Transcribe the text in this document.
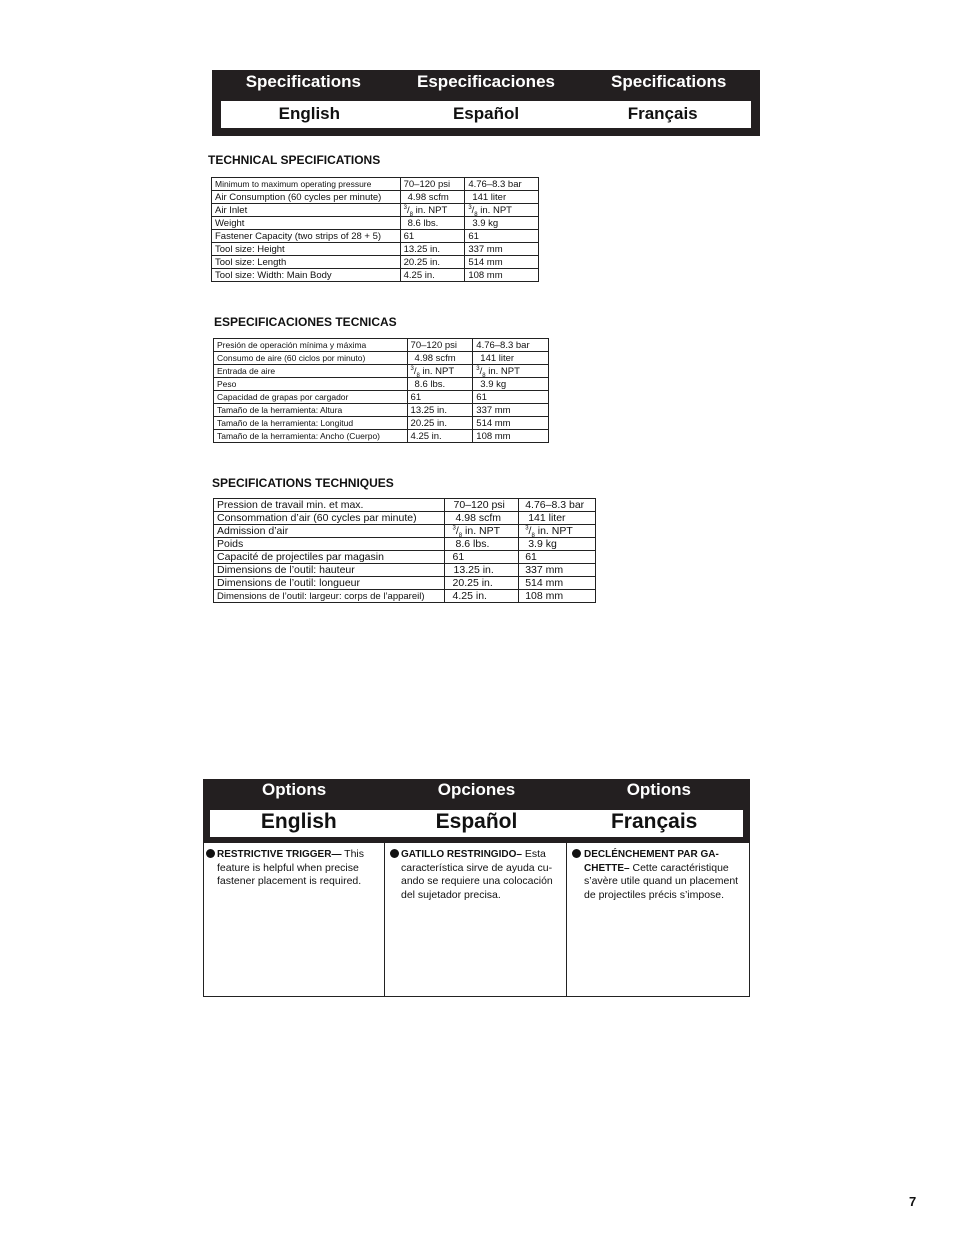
Specifications	Especificaciones	Specifications
English	Español	Français
TECHNICAL SPECIFICATIONS
Minimum to maximum operating pressure	70–120 psi	4.76–8.3 bar
Air Consumption (60 cycles per minute)	4.98 scfm	141 liter
Air Inlet	$^3/_8$ in. NPT	$^3/_8$ in. NPT
Weight	8.6 lbs.	3.9 kg
Fastener Capacity (two strips of 28 + 5)	61	61
Tool size: Height	13.25 in.	337 mm
Tool size: Length	20.25 in.	514 mm
Tool size: Width: Main Body	4.25 in.	108 mm
ESPECIFICACIONES TECNICAS
Presión de operación mínima y máxima	70–120 psi	4.76–8.3 bar
Consumo de aire (60 ciclos por minuto)	4.98 scfm	141 liter
Entrada de aire	$^3/_8$ in. NPT	$^3/_8$ in. NPT
Peso	8.6 lbs.	3.9 kg
Capacidad de grapas por cargador	61	61
Tamaño de la herramienta: Altura	13.25 in.	337 mm
Tamaño de la herramienta: Longitud	20.25 in.	514 mm
Tamaño de la herramienta: Ancho (Cuerpo)	4.25 in.	108 mm
SPECIFICATIONS TECHNIQUES
Pression de travail min. et max.	70–120 psi	4.76–8.3 bar
Consommation d’air (60 cycles par minute)	4.98 scfm	141 liter
Admission d’air	$^3/_8$ in. NPT	$^3/_8$ in. NPT
Poids	8.6 lbs.	3.9 kg
Capacité de projectiles par magasin	61	61
Dimensions de l’outil: hauteur	13.25 in.	337 mm
Dimensions de l’outil: longueur	20.25 in.	514 mm
Dimensions de l’outil: largeur: corps de l’appareil)	4.25 in.	108 mm
Options	Opciones	Options
English	Español	Français
RESTRICTIVE TRIGGER— This feature is helpful when precise fastener placement is required.
GATILLO RESTRINGIDO– Esta característica sirve de ayuda cu- ando se requiere una colocación del sujetador precisa.
DECLÉNCHEMENT PAR GA- CHETTE– Cette caractéristique s’avère utile quand un placement de projectiles précis s’impose.
7
